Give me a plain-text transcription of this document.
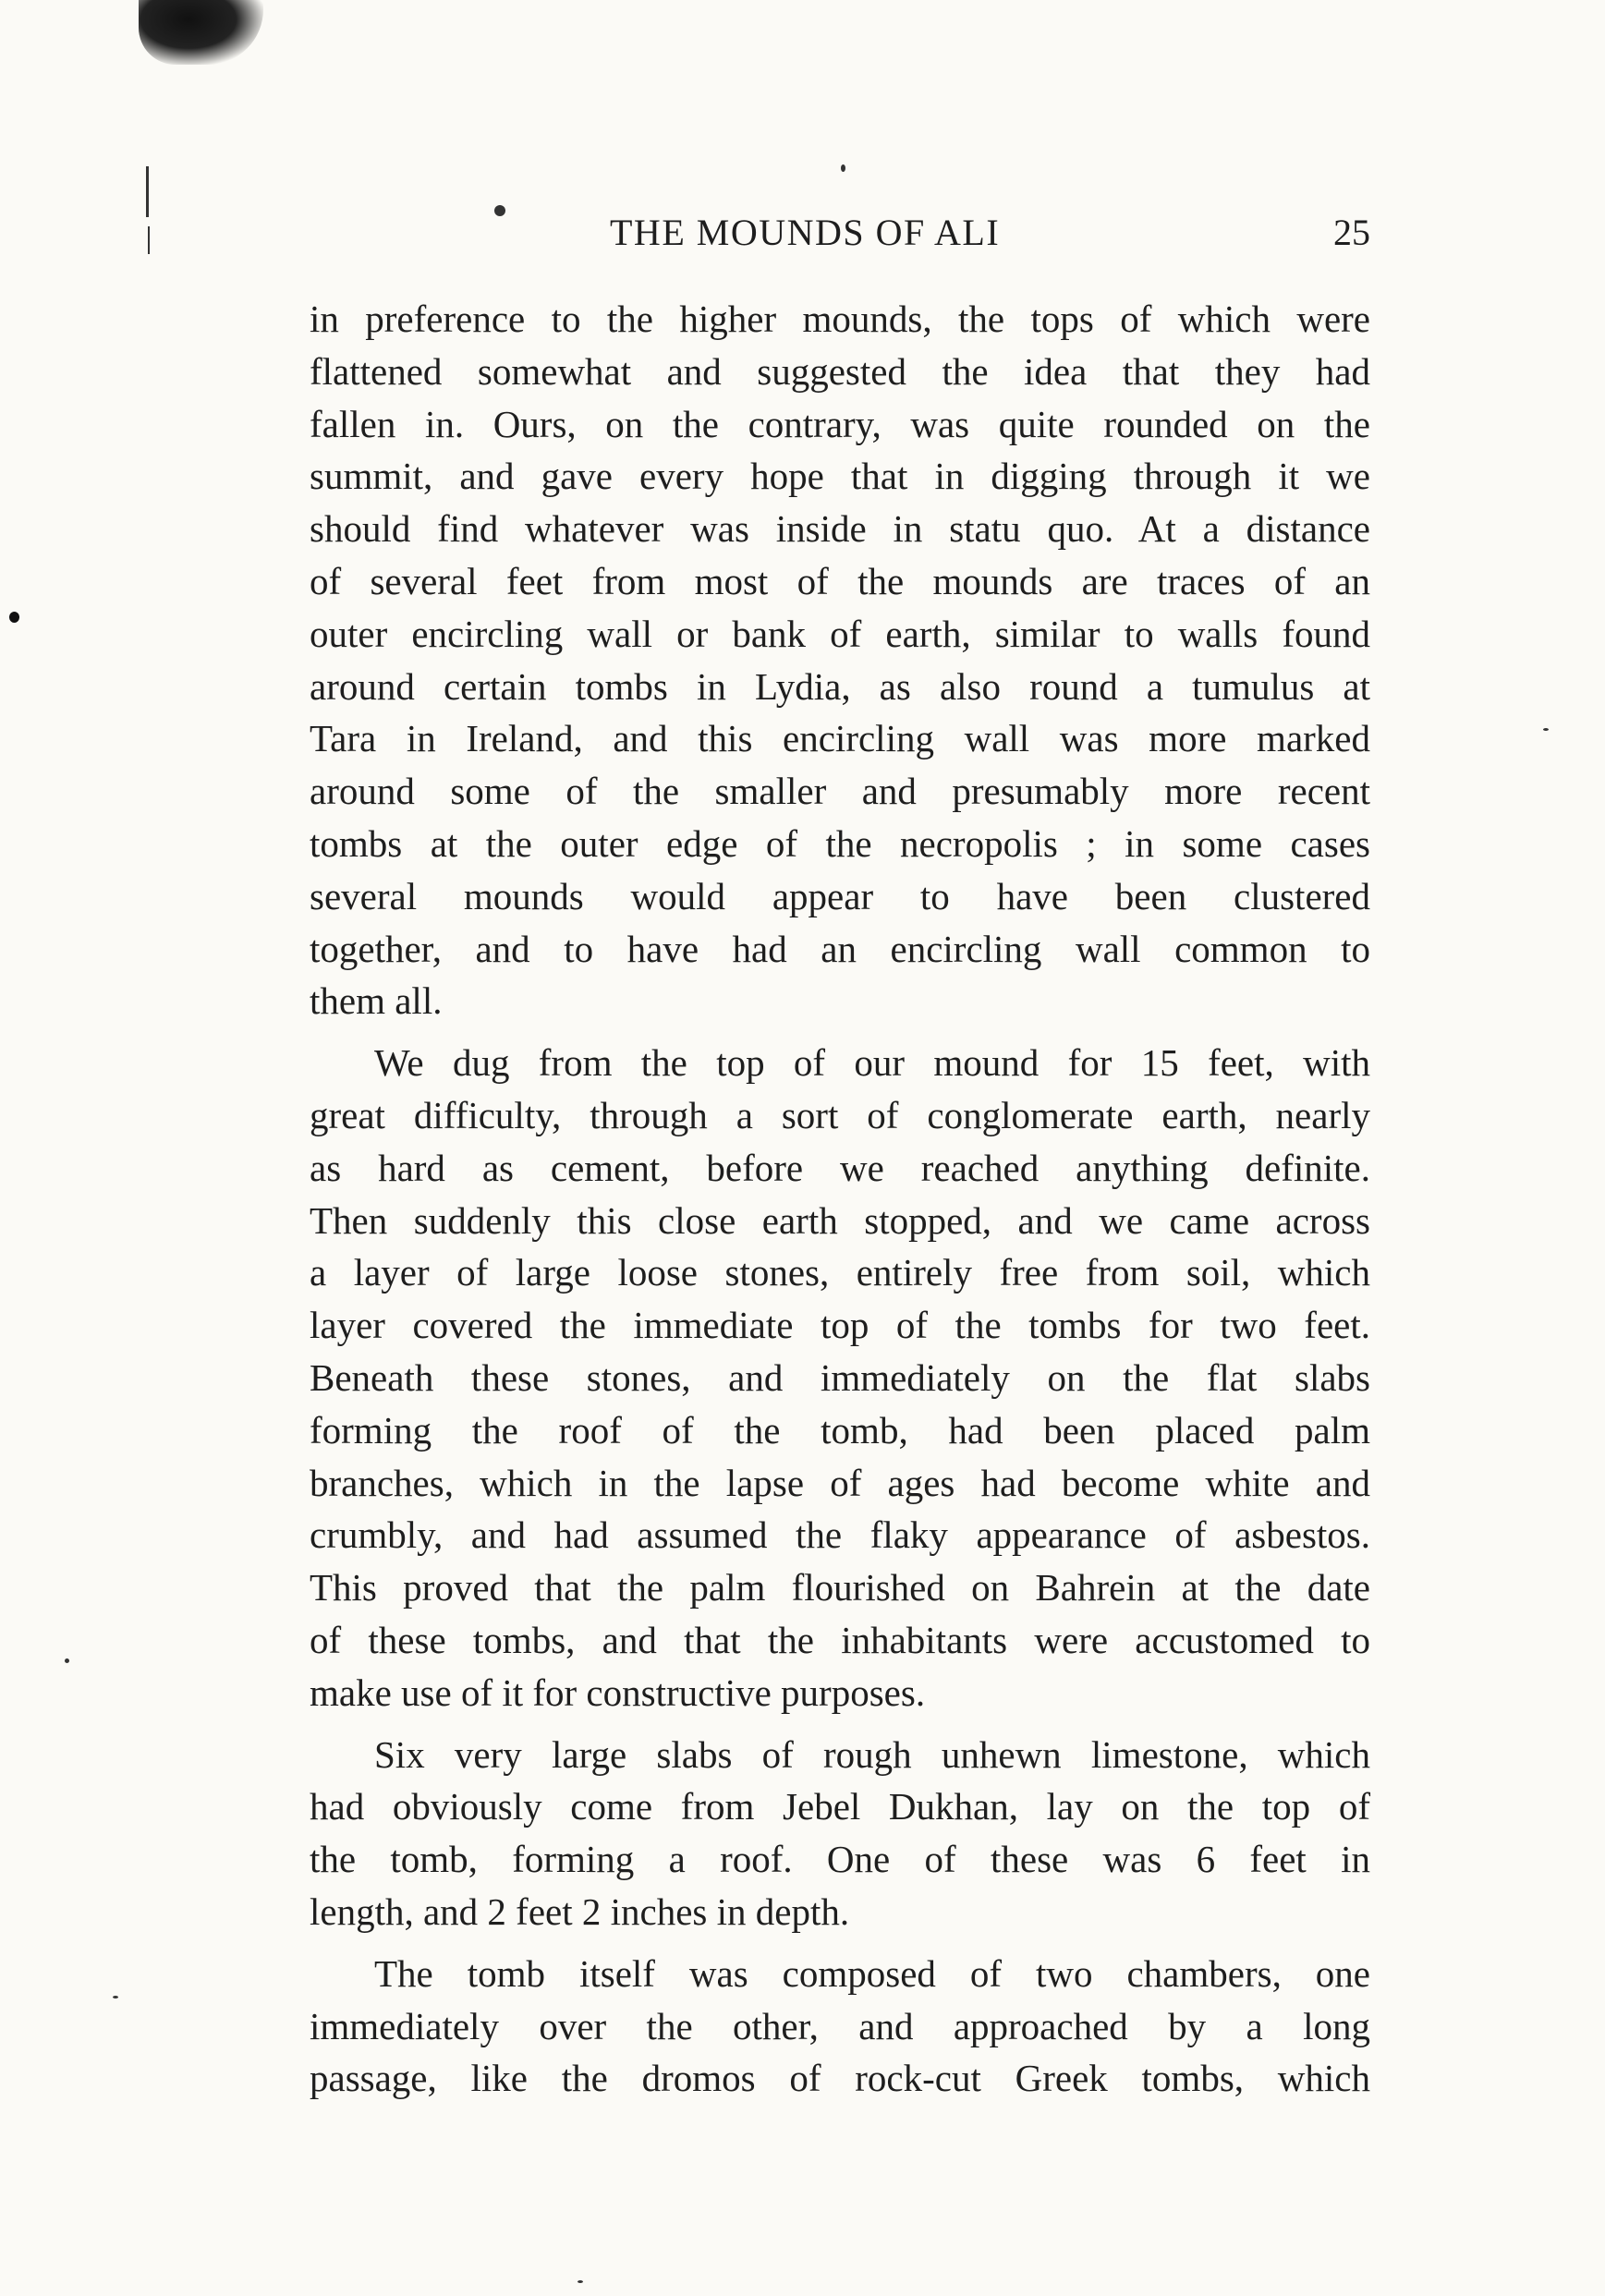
THE MOUNDS OF ALI	25
in preference to the higher mounds, the tops of which were
flattened somewhat and suggested the idea that they had
fallen in. Ours, on the contrary, was quite rounded on the
summit, and gave every hope that in digging through it we
should find whatever was inside in statu quo. At a distance
of several feet from most of the mounds are traces of an
outer encircling wall or bank of earth, similar to walls found
around certain tombs in Lydia, as also round a tumulus at
Tara in Ireland, and this encircling wall was more marked
around some of the smaller and presumably more recent
tombs at the outer edge of the necropolis ; in some cases
several mounds would appear to have been clustered
together, and to have had an encircling wall common to
them all.
We dug from the top of our mound for 15 feet, with
great difficulty, through a sort of conglomerate earth, nearly
as hard as cement, before we reached anything definite.
Then suddenly this close earth stopped, and we came across
a layer of large loose stones, entirely free from soil, which
layer covered the immediate top of the tombs for two feet.
Beneath these stones, and immediately on the flat slabs
forming the roof of the tomb, had been placed palm
branches, which in the lapse of ages had become white and
crumbly, and had assumed the flaky appearance of asbestos.
This proved that the palm flourished on Bahrein at the date
of these tombs, and that the inhabitants were accustomed to
make use of it for constructive purposes.
Six very large slabs of rough unhewn limestone, which
had obviously come from Jebel Dukhan, lay on the top of
the tomb, forming a roof. One of these was 6 feet in
length, and 2 feet 2 inches in depth.
The tomb itself was composed of two chambers, one
immediately over the other, and approached by a long
passage, like the dromos of rock-cut Greek tombs, which
